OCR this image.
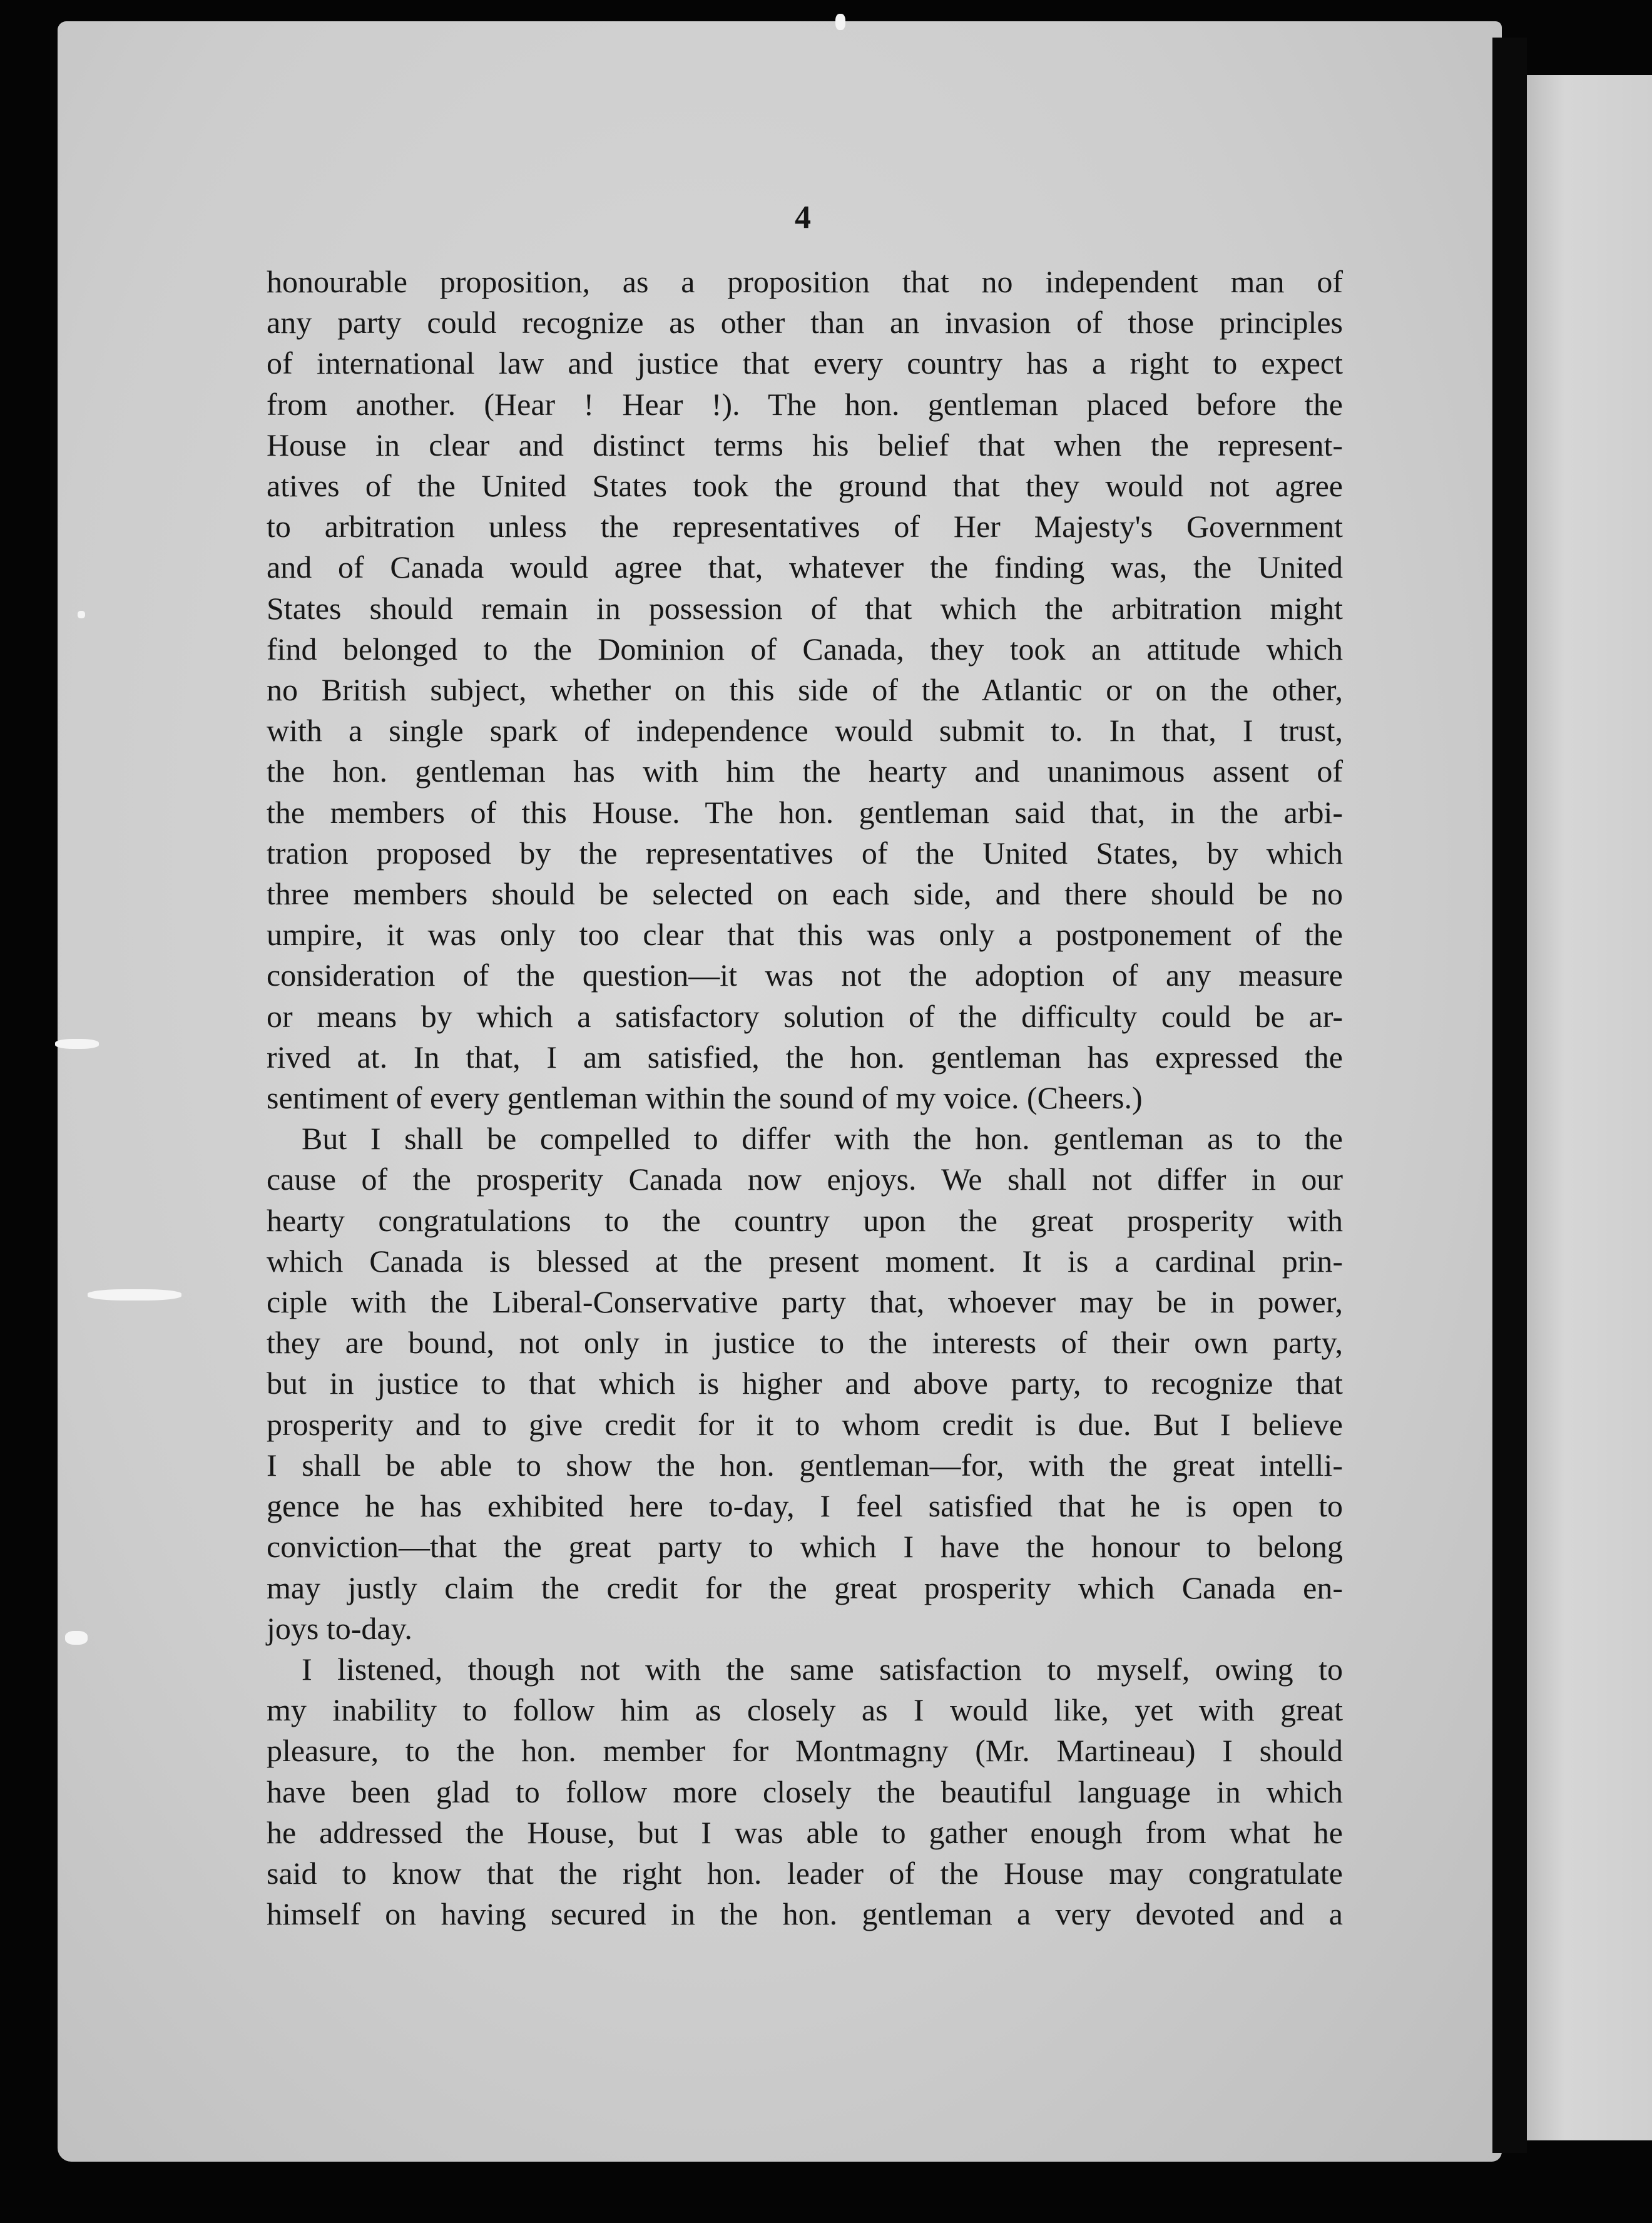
4
honourable proposition, as a proposition that no independent man of
any party could recognize as other than an invasion of those principles
of international law and justice that every country has a right to expect
from another. (Hear ! Hear !). The hon. gentleman placed before the
House in clear and distinct terms his belief that when the represent-
atives of the United States took the ground that they would not agree
to arbitration unless the representatives of Her Majesty's Government
and of Canada would agree that, whatever the finding was, the United
States should remain in possession of that which the arbitration might
find belonged to the Dominion of Canada, they took an attitude which
no British subject, whether on this side of the Atlantic or on the other,
with a single spark of independence would submit to. In that, I trust,
the hon. gentleman has with him the hearty and unanimous assent of
the members of this House. The hon. gentleman said that, in the arbi-
tration proposed by the representatives of the United States, by which
three members should be selected on each side, and there should be no
umpire, it was only too clear that this was only a postponement of the
consideration of the question—it was not the adoption of any measure
or means by which a satisfactory solution of the difficulty could be ar-
rived at. In that, I am satisfied, the hon. gentleman has expressed the
sentiment of every gentleman within the sound of my voice. (Cheers.)
But I shall be compelled to differ with the hon. gentleman as to the
cause of the prosperity Canada now enjoys. We shall not differ in our
hearty congratulations to the country upon the great prosperity with
which Canada is blessed at the present moment. It is a cardinal prin-
ciple with the Liberal-Conservative party that, whoever may be in power,
they are bound, not only in justice to the interests of their own party,
but in justice to that which is higher and above party, to recognize that
prosperity and to give credit for it to whom credit is due. But I believe
I shall be able to show the hon. gentleman—for, with the great intelli-
gence he has exhibited here to-day, I feel satisfied that he is open to
conviction—that the great party to which I have the honour to belong
may justly claim the credit for the great prosperity which Canada en-
joys to-day.
I listened, though not with the same satisfaction to myself, owing to
my inability to follow him as closely as I would like, yet with great
pleasure, to the hon. member for Montmagny (Mr. Martineau) I should
have been glad to follow more closely the beautiful language in which
he addressed the House, but I was able to gather enough from what he
said to know that the right hon. leader of the House may congratulate
himself on having secured in the hon. gentleman a very devoted and a
